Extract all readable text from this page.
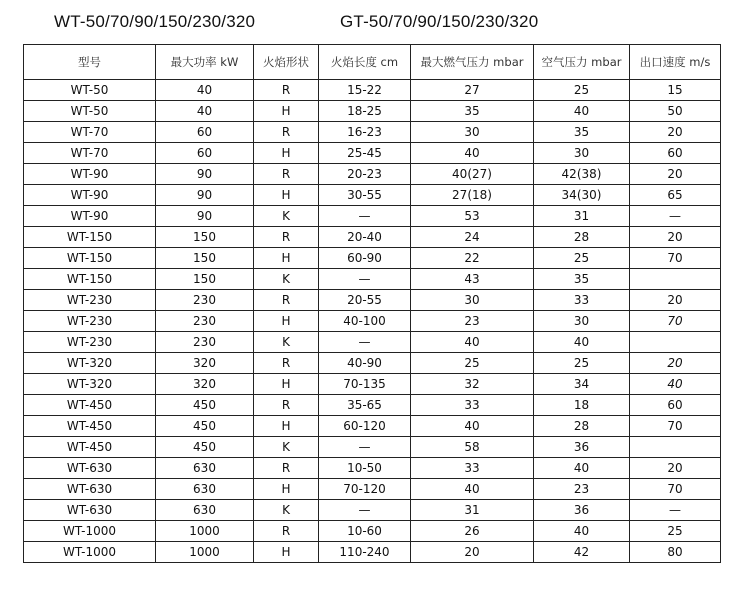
WT-50/70/90/150/230/320	GT-50/70/90/150/230/320
型号	最大功率 kW	火焰形状	火焰长度 cm	最大燃气压力 mbar	空气压力 mbar	出口速度 m/s
WT-50	40	R	15-22	27	25	15
WT-50	40	H	18-25	35	40	50
WT-70	60	R	16-23	30	35	20
WT-70	60	H	25-45	40	30	60
WT-90	90	R	20-23	40(27)	42(38)	20
WT-90	90	H	30-55	27(18)	34(30)	65
WT-90	90	K	—	53	31	—
WT-150	150	R	20-40	24	28	20
WT-150	150	H	60-90	22	25	70
WT-150	150	K	—	43	35	
WT-230	230	R	20-55	30	33	20
WT-230	230	H	40-100	23	30	70
WT-230	230	K	—	40	40	
WT-320	320	R	40-90	25	25	20
WT-320	320	H	70-135	32	34	40
WT-450	450	R	35-65	33	18	60
WT-450	450	H	60-120	40	28	70
WT-450	450	K	—	58	36	
WT-630	630	R	10-50	33	40	20
WT-630	630	H	70-120	40	23	70
WT-630	630	K	—	31	36	—
WT-1000	1000	R	10-60	26	40	25
WT-1000	1000	H	110-240	20	42	80
